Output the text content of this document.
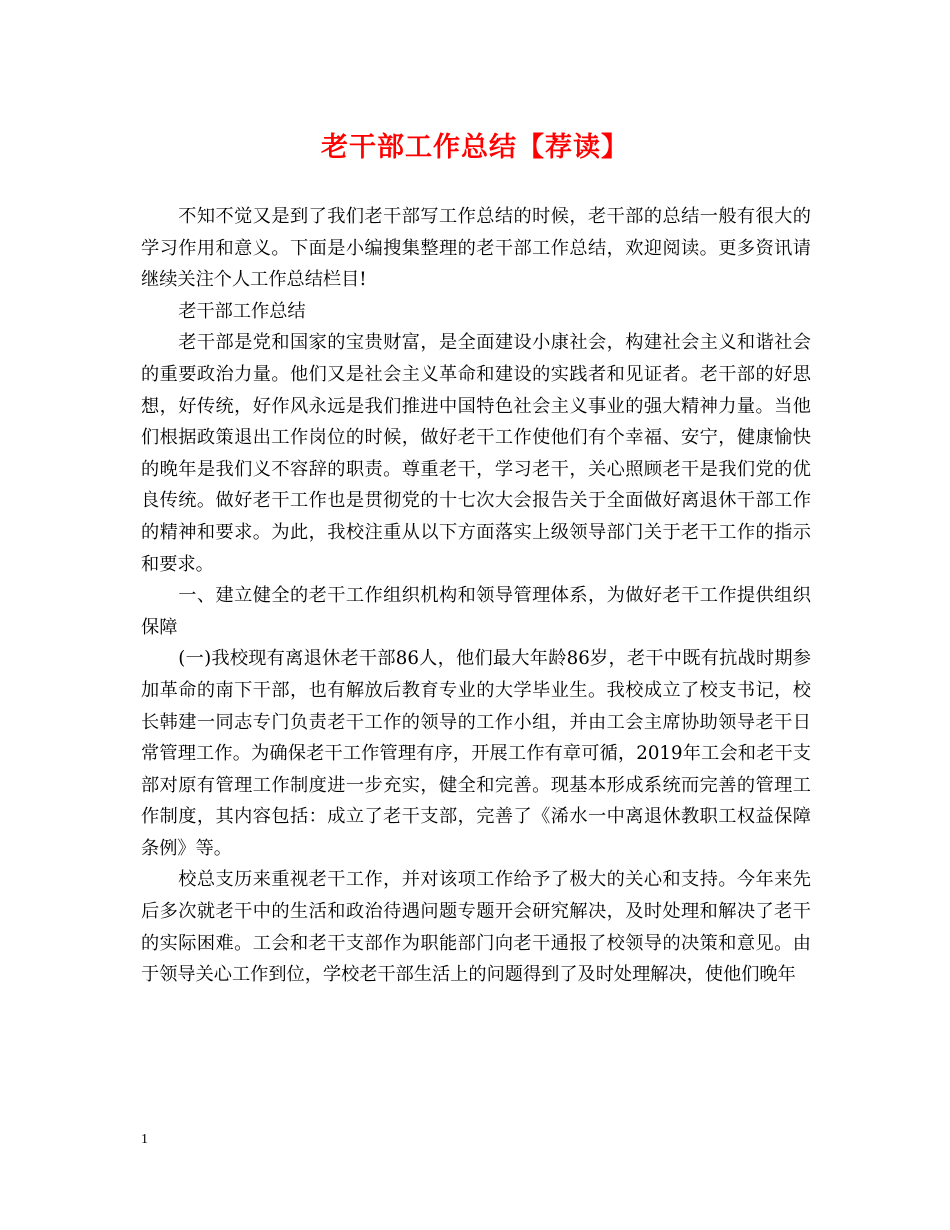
老干部工作总结【荐读】

不知不觉又是到了我们老干部写工作总结的时候，老干部的总结一般有很大的学习作用和意义。下面是小编搜集整理的老干部工作总结，欢迎阅读。更多资讯请继续关注个人工作总结栏目!

老干部工作总结

老干部是党和国家的宝贵财富，是全面建设小康社会，构建社会主义和谐社会的重要政治力量。他们又是社会主义革命和建设的实践者和见证者。老干部的好思想，好传统，好作风永远是我们推进中国特色社会主义事业的强大精神力量。当他们根据政策退出工作岗位的时候，做好老干工作使他们有个幸福、安宁，健康愉快的晚年是我们义不容辞的职责。尊重老干，学习老干，关心照顾老干是我们党的优良传统。做好老干工作也是贯彻党的十七次大会报告关于全面做好离退休干部工作的精神和要求。为此，我校注重从以下方面落实上级领导部门关于老干工作的指示和要求。

一、建立健全的老干工作组织机构和领导管理体系，为做好老干工作提供组织保障

(一)我校现有离退休老干部86人，他们最大年龄86岁，老干中既有抗战时期参加革命的南下干部，也有解放后教育专业的大学毕业生。我校成立了校支书记，校长韩建一同志专门负责老干工作的领导的工作小组，并由工会主席协助领导老干日常管理工作。为确保老干工作管理有序，开展工作有章可循，2019年工会和老干支部对原有管理工作制度进一步充实，健全和完善。现基本形成系统而完善的管理工作制度，其内容包括：成立了老干支部，完善了《浠水一中离退休教职工权益保障条例》等。

校总支历来重视老干工作，并对该项工作给予了极大的关心和支持。今年来先后多次就老干中的生活和政治待遇问题专题开会研究解决，及时处理和解决了老干的实际困难。工会和老干支部作为职能部门向老干通报了校领导的决策和意见。由于领导关心工作到位，学校老干部生活上的问题得到了及时处理解决，使他们晚年

1
